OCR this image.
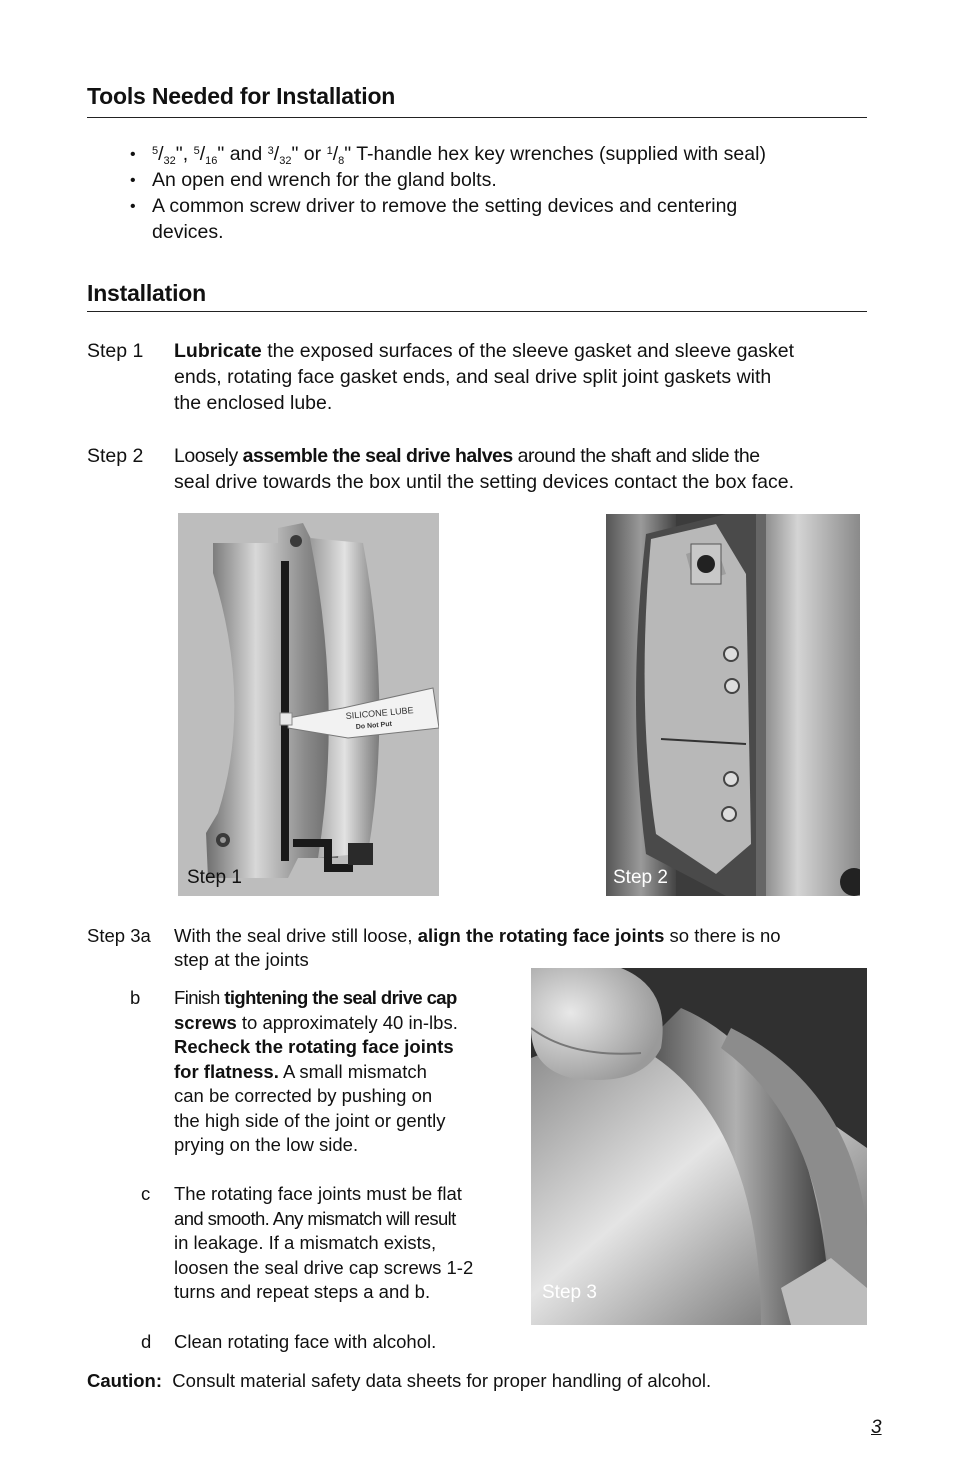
Tools Needed for Installation
• $^5/_{32}$", $^5/_{16}$" and $^3/_{32}$" or $^1/_8$" T-handle hex key wrenches (supplied with seal)
• An open end wrench for the gland bolts.
• A common screw driver to remove the setting devices and centering
devices.
Installation
Step 1 Lubricate the exposed surfaces of the sleeve gasket and sleeve gasket
ends, rotating face gasket ends, and seal drive split joint gaskets with
the enclosed lube.
Step 2 Loosely assemble the seal drive halves around the shaft and slide the
seal drive towards the box until the setting devices contact the box face.
SILICONE LUBE
Do Not Put
Step 1	Step 2
Step 3a With the seal drive still loose, align the rotating face joints so there is no
step at the joints
b Finish tightening the seal drive cap
screws to approximately 40 in-lbs.
Recheck the rotating face joints
for flatness. A small mismatch
can be corrected by pushing on
the high side of the joint or gently
prying on the low side.
c The rotating face joints must be flat
and smooth. Any mismatch will result
in leakage. If a mismatch exists,
loosen the seal drive cap screws 1-2
turns and repeat steps a and b.	Step 3
d Clean rotating face with alcohol.
Caution: Consult material safety data sheets for proper handling of alcohol.
3
